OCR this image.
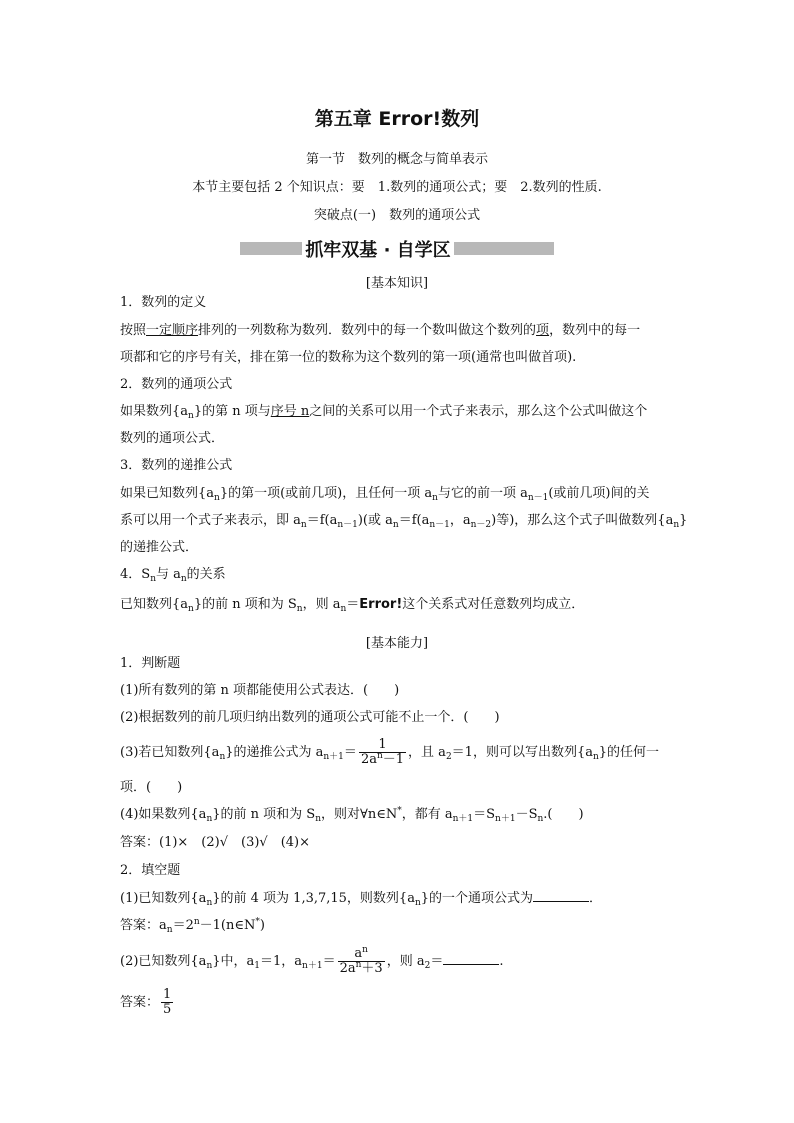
第五章 Error!数列
第一节　数列的概念与简单表示
本节主要包括 2 个知识点：要　 1.数列的通项公式；要　 2.数列的性质.
突破点(一)　数列的通项公式
抓牢双基 · 自学区
[基本知识]
1．数列的定义
按照一定顺序排列的一列数称为数列．数列中的每一个数叫做这个数列的项，数列中的每一
项都和它的序号有关，排在第一位的数称为这个数列的第一项(通常也叫做首项).
2．数列的通项公式
如果数列$\{a_n\}$的第 n 项与序号 n之间的关系可以用一个式子来表示，那么这个公式叫做这个
数列的通项公式．
3．数列的递推公式
如果已知数列$\{a_n\}$的第一项(或前几项)，且任何一项 $a_n$与它的前一项 $a_{n-1}$(或前几项)间的关
系可以用一个式子来表示，即 $a_n=f(a_{n-1})$(或 $a_n=f(a_{n-1}$，$a_{n-2}$)等)，那么这个式子叫做数列$\{a_n\}$
的递推公式．
4．$S_n$与 $a_n$的关系
已知数列$\{a_n\}$的前 n 项和为 $S_n$，则 $a_n=Error$!这个关系式对任意数列均成立．
[基本能力]
1．判断题
(1)所有数列的第 n 项都能使用公式表达．(　　)
(2)根据数列的前几项归纳出数列的通项公式可能不止一个．(　　)
(3)若已知数列$\{a_n\}$的递推公式为 $a_{n+1}= \frac{1}{2a^n-1}$ ，且 $a_2=1$，则可以写出数列$\{a_n\}$的任何一
项．(　　)
(4)如果数列$\{a_n\}$的前 n 项和为 $S_n$，则对∀n∈N*，都有 $a_{n+1}=S_{n+1}-S_n$.(　　)
答案：(1)×　(2)√　(3)√　(4)×
2．填空题
(1)已知数列$\{a_n\}$的前 4 项为 1,3,7,15，则数列$\{a_n\}$的一个通项公式为	．
答案：$a_n=2^n-1(n\in N^*)$
(2)已知数列$\{a_n\}$中，$a_1=1$，$a_{n+1}= \frac{a^n}{2a^n+3}$ ，则 $a_2=$	.
答案： $\frac{1}{5}$
